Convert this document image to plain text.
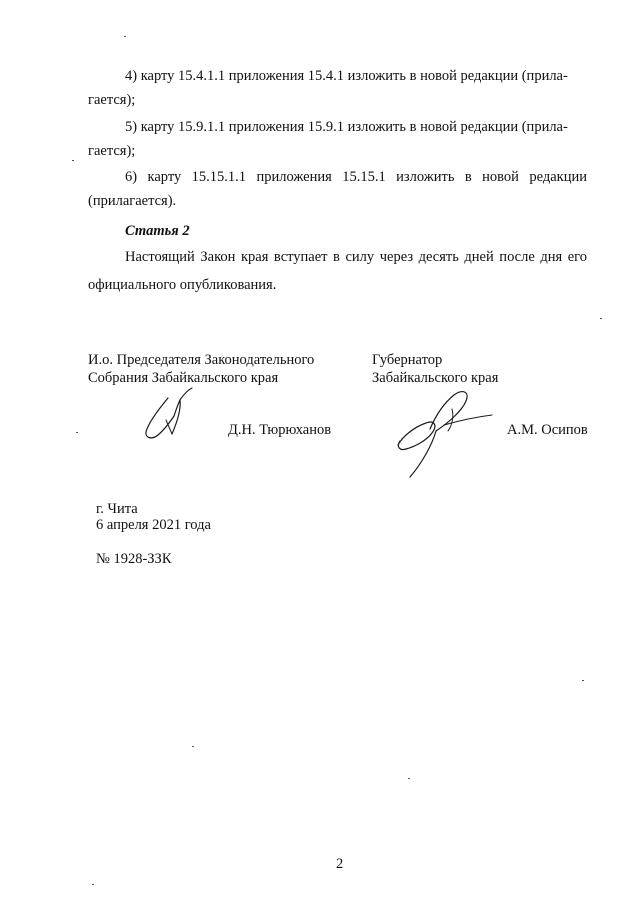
4) карту 15.4.1.1 приложения 15.4.1 изложить в новой редакции (прила-
гается);
5) карту 15.9.1.1 приложения 15.9.1 изложить в новой редакции (прила-
гается);
6) карту 15.15.1.1 приложения 15.15.1 изложить в новой редакции
(прилагается).
Статья 2
Настоящий Закон края вступает в силу через десять дней после дня его
официального опубликования.
И.о. Председателя Законодательного
Собрания Забайкальского края
Д.Н. Тюрюханов
Губернатор
Забайкальского края
А.М. Осипов
г. Чита
6 апреля 2021 года
№ 1928-ЗЗК
2
